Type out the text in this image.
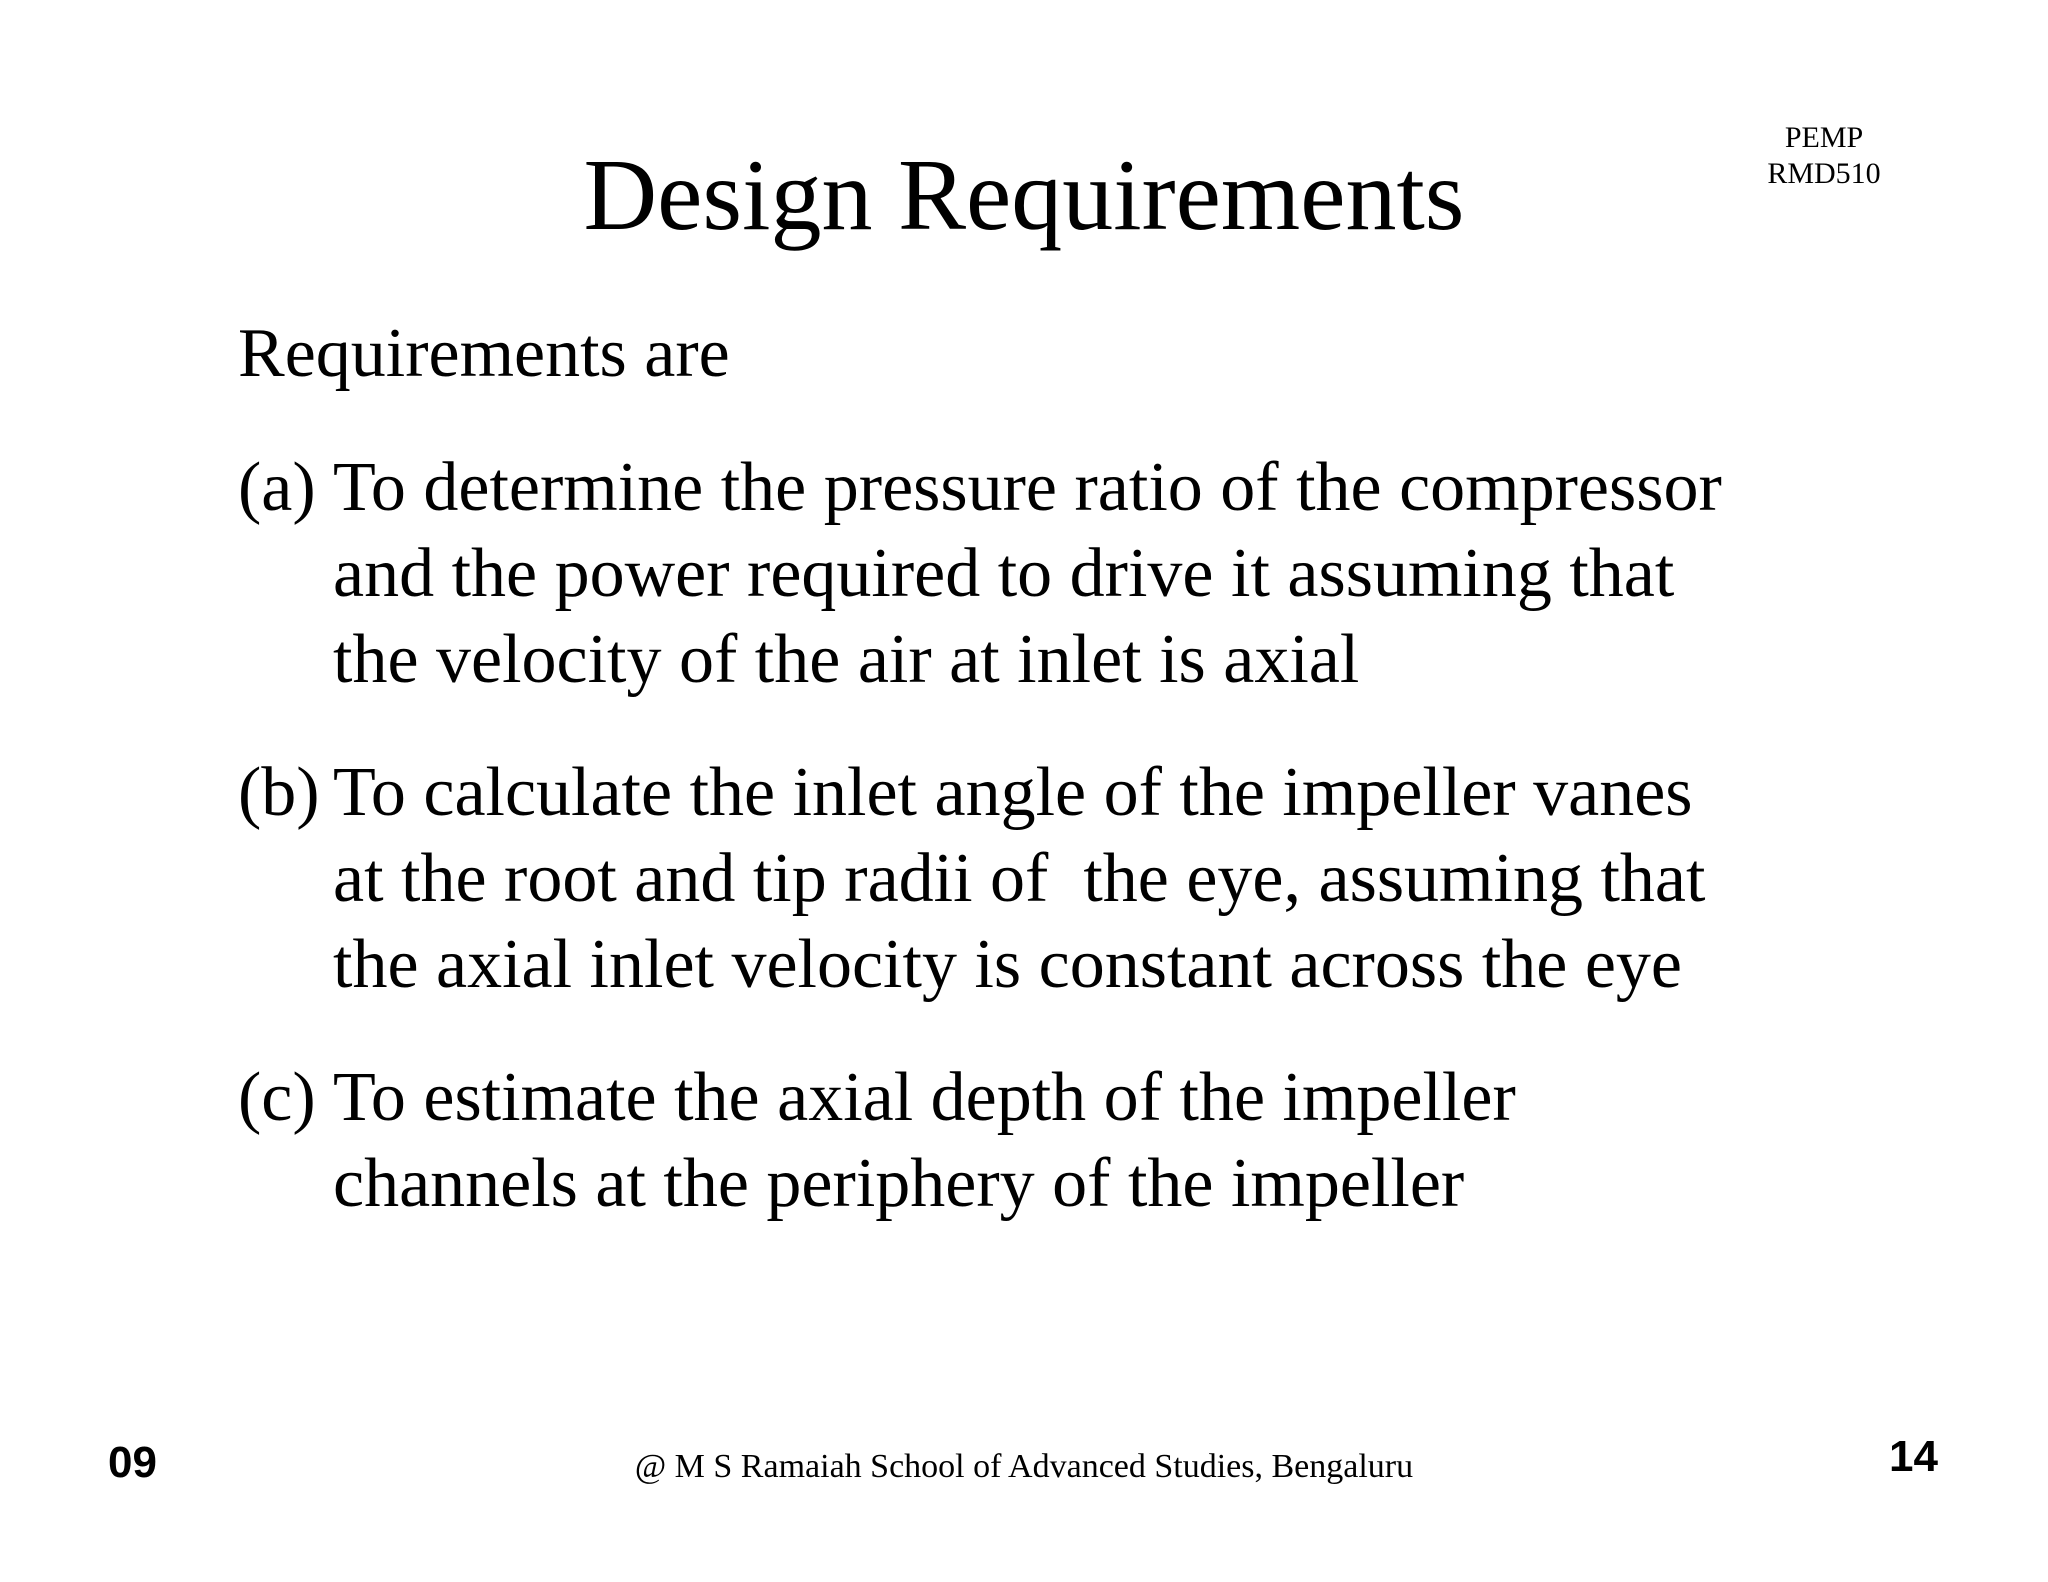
PEMP
RMD510
Design Requirements
Requirements are
(a) To determine the pressure ratio of the compressor
and the power required to drive it assuming that
the velocity of the air at inlet is axial
(b) To calculate the inlet angle of the impeller vanes
at the root and tip radii of  the eye, assuming that
the axial inlet velocity is constant across the eye
(c) To estimate the axial depth of the impeller
channels at the periphery of the impeller
09	@ M S Ramaiah School of Advanced Studies, Bengaluru	14
